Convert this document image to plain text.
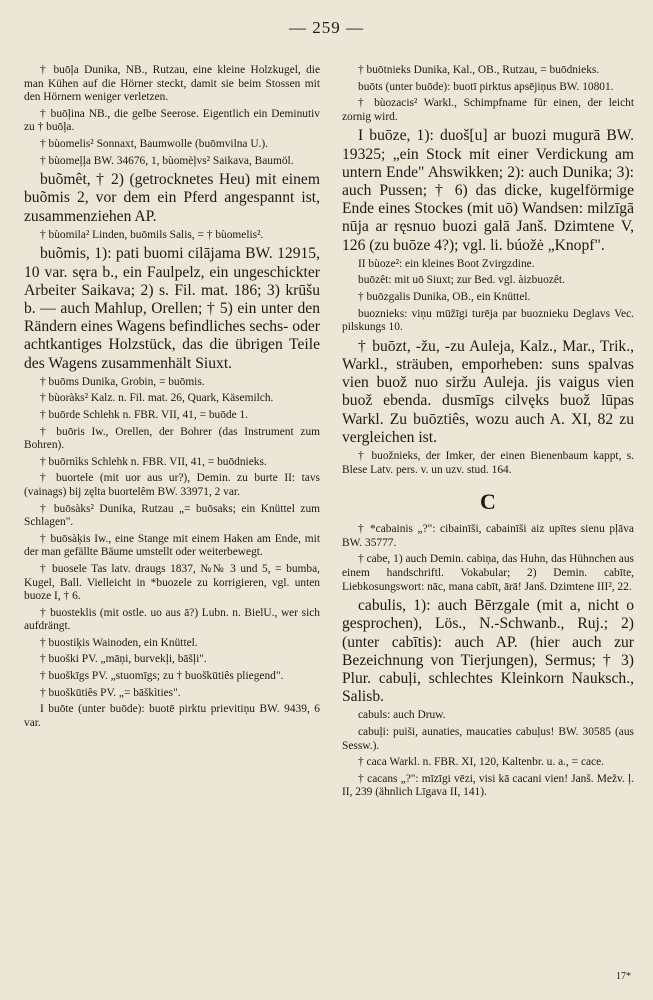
— 259 —

† buōļa Dunika, NB., Rutzau, eine kleine Holzkugel, die man Kühen auf die Hörner steckt, damit sie beim Stossen mit den Hörnern weniger verletzen.

† buōļina NB., die gelbe Seerose. Eigentlich ein Deminutiv zu † buōļa.

† bùomelis² Sonnaxt, Baumwolle (buōmvilna U.).

† bùomeļļa BW. 34676, 1, bùomèļvs² Saikava, Baumöl.

buõmêt, † 2) (getrocknetes Heu) mit einem buõmis 2, vor dem ein Pferd angespannt ist, zusammenziehen AP.

† bùomila² Linden, buōmils Salis, = † bùomelis².

buõmis, 1): pati buomi cilājama BW. 12915, 10 var. sęra b., ein Faulpelz, ein ungeschickter Arbeiter Saikava; 2) s. Fil. mat. 186; 3) krūšu b. — auch Mahlup, Orellen; † 5) ein unter den Rändern eines Wagens befindliches sechs- oder achtkantiges Holzstück, das die übrigen Teile des Wagens zusammenhält Siuxt.

† buōms Dunika, Grobin, = buōmis.

† bùoràks² Kalz. n. Fil. mat. 26, Quark, Käsemilch.

† buōrde Schlehk n. FBR. VII, 41, = buōde 1.

† buōris Iw., Orellen, der Bohrer (das Instrument zum Bohren).

† buōrnìks Schlehk n. FBR. VII, 41, = buōdnieks.

† buortele (mit uor aus ur?), Demin. zu burte II: tavs (vainags) bij zęlta buortelêm BW. 33971, 2 var.

† buōsàks² Dunika, Rutzau „= buōsaks; ein Knüttel zum Schlagen".

† buōsàķis Iw., eine Stange mit einem Haken am Ende, mit der man gefällte Bäume umstellt oder weiterbewegt.

† buosele Tas latv. draugs 1837, №№ 3 und 5, = bumba, Kugel, Ball. Vielleicht in *buozele zu korrigieren, vgl. unten buoze I, † 6.

† buosteklis (mit ostle. uo aus ā?) Lubn. n. BielU., wer sich aufdrängt.

† buostiķis Wainoden, ein Knüttel.

† buoški PV. „māņi, burvekļi, bāšļi".

† buoškīgs PV. „stuomīgs; zu † buoškūtiês pliegend".

† buoškūtiês PV. „= bāškìties".

I buōte (unter buōde): buotē pirktu prievitiņu BW. 9439, 6 var.

† buōtnieks Dunika, Kal., OB., Rutzau, = buōdnieks.

buōts (unter buōde): buotī pirktus apsējiņus BW. 10801.

† bùozacis² Warkl., Schimpfname für einen, der leicht zornig wird.

I buōze, 1): duoš[u] ar buozi mugurā BW. 19325; „ein Stock mit einer Verdickung am untern Ende" Ahswikken; 2): auch Dunika; 3): auch Pussen; † 6) das dicke, kugelförmige Ende eines Stockes (mit uō) Wandsen: milzīgā nūja ar ręsnuo buozi galā Janš. Dzimtene V, 126 (zu buōze 4?); vgl. li. búožė „Knopf".

II bùoze²: ein kleines Boot Zvirgzdine.

buōzêt: mit uō Siuxt; zur Bed. vgl. àizbuozêt.

† buōzgalis Dunika, OB., ein Knüttel.

buoznieks: viņu mūžīgi turēja par buoznieku Deglavs Vec. pilskungs 10.

† buōzt, -žu, -zu Auleja, Kalz., Mar., Trik., Warkl., sträuben, emporheben: suns spalvas vien buož nuo siržu Auleja. jis vaigus vien buož ebenda. dusmīgs cilvęks buož lūpas Warkl. Zu buōztiês, wozu auch A. XI, 82 zu vergleichen ist.

† buožnieks, der Imker, der einen Bienenbaum kappt, s. Blese Latv. pers. v. un uzv. stud. 164.

C

† *cabainis „?": cibainīši, cabainīši aiz upītes sienu pļāva BW. 35777.

† cabe, 1) auch Demin. cabiņa, das Huhn, das Hühnchen aus einem handschriftl. Vokabular; 2) Demin. cabīte, Liebkosungswort: nāc, mana cabīt, ārā! Janš. Dzimtene III², 22.

cabulis, 1): auch Bērzgale (mit a, nicht o gesprochen), Lös., N.-Schwanb., Ruj.; 2) (unter cabītis): auch AP. (hier auch zur Bezeichnung von Tierjungen), Sermus; † 3) Plur. cabuļi, schlechtes Kleinkorn Nauksch., Salisb.

cabuls: auch Druw.

cabuļi: puiši, aunaties, maucaties cabuļus! BW. 30585 (aus Sessw.).

† caca Warkl. n. FBR. XI, 120, Kaltenbr. u. a., = cace.

† cacans „?": mīzīgi vēzi, visi kā cacani vien! Janš. Mežv. ļ. II, 239 (ähnlich Līgava II, 141).

17*
